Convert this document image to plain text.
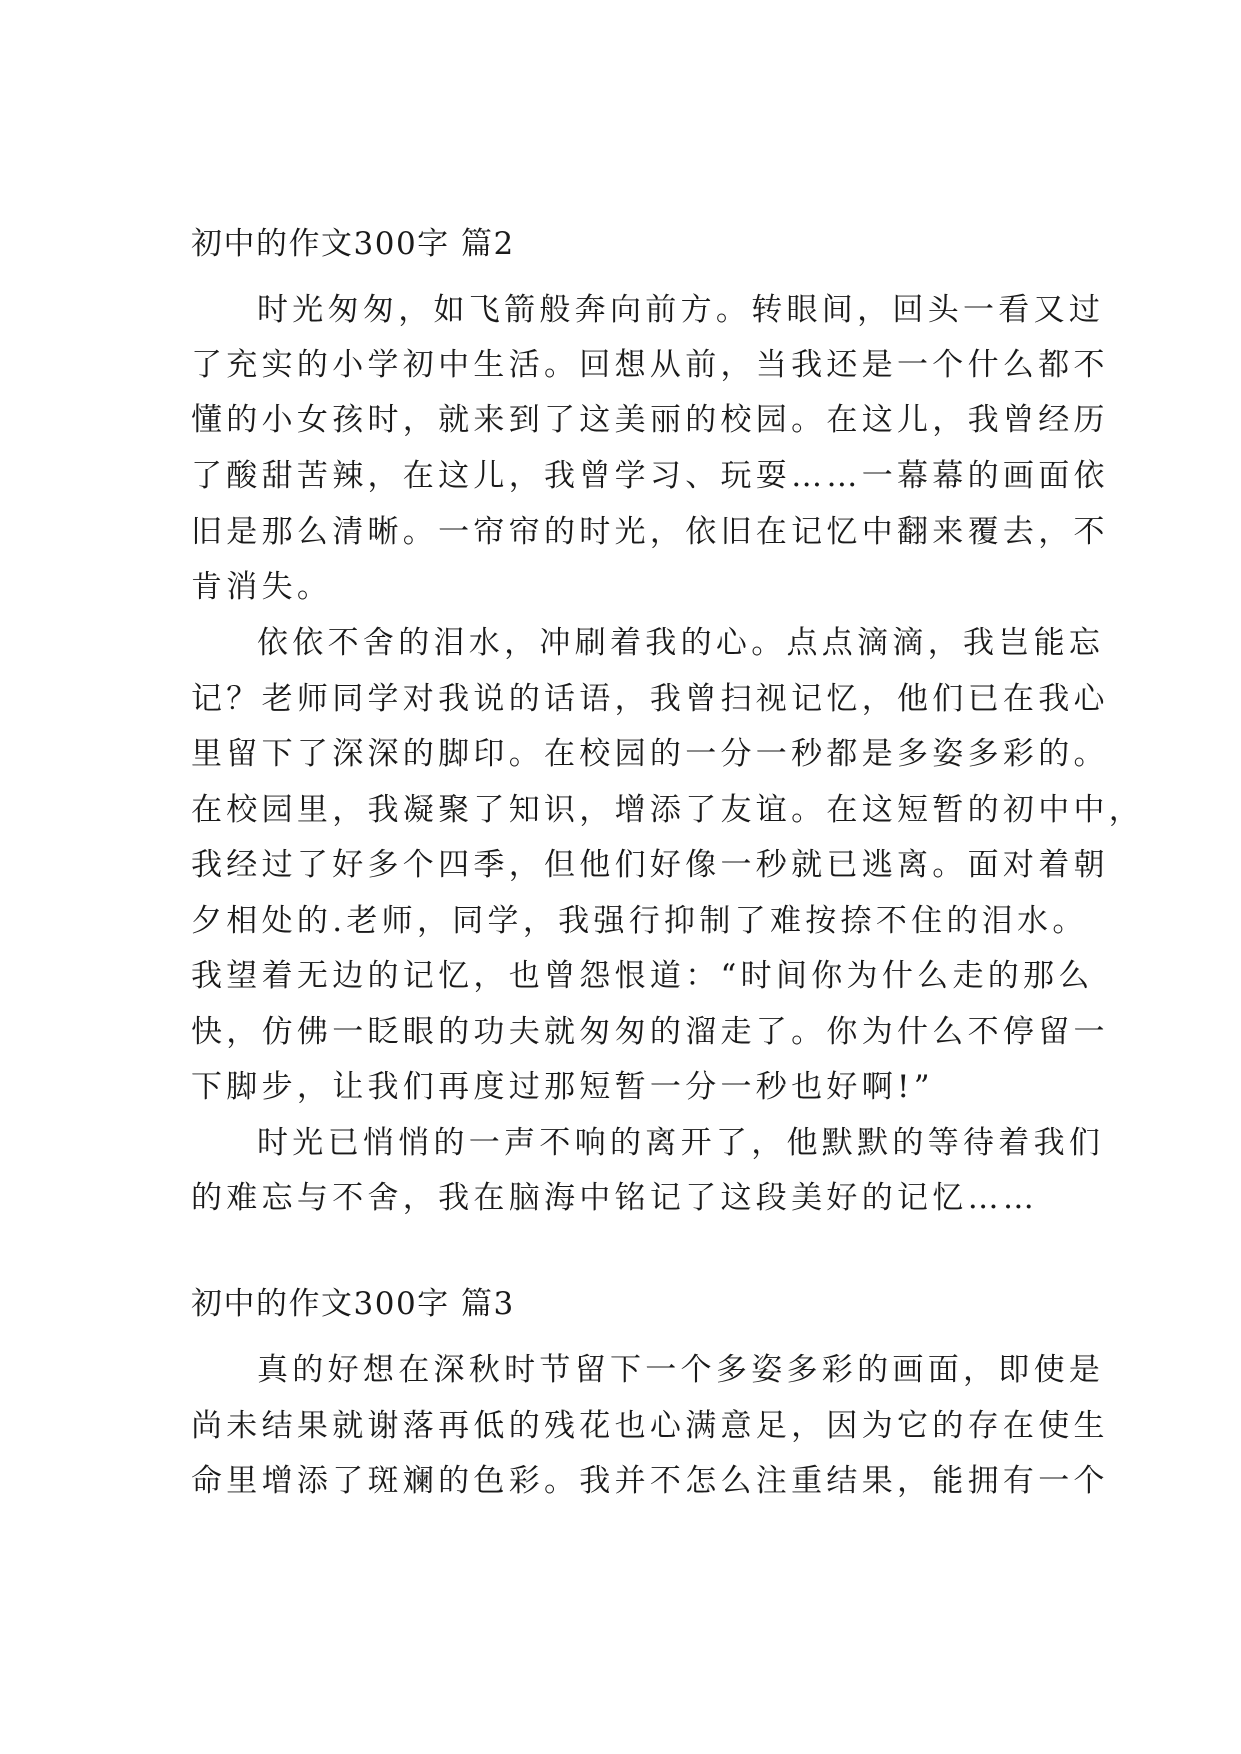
初中的作文300字 篇2
时光匆匆，如飞箭般奔向前方。转眼间，回头一看又过
了充实的小学初中生活。回想从前，当我还是一个什么都不
懂的小女孩时，就来到了这美丽的校园。在这儿，我曾经历
了酸甜苦辣，在这儿，我曾学习、玩耍……一幕幕的画面依
旧是那么清晰。一帘帘的时光，依旧在记忆中翻来覆去，不
肯消失。
依依不舍的泪水，冲刷着我的心。点点滴滴，我岂能忘
记？老师同学对我说的话语，我曾扫视记忆，他们已在我心
里留下了深深的脚印。在校园的一分一秒都是多姿多彩的。
在校园里，我凝聚了知识，增添了友谊。在这短暂的初中中，
我经过了好多个四季，但他们好像一秒就已逃离。面对着朝
夕相处的.老师，同学，我强行抑制了难按捺不住的泪水。
我望着无边的记忆，也曾怨恨道：“时间你为什么走的那么
快，仿佛一眨眼的功夫就匆匆的溜走了。你为什么不停留一
下脚步，让我们再度过那短暂一分一秒也好啊!”
时光已悄悄的一声不响的离开了，他默默的等待着我们
的难忘与不舍，我在脑海中铭记了这段美好的记忆……
初中的作文300字 篇3
真的好想在深秋时节留下一个多姿多彩的画面，即使是
尚未结果就谢落再低的残花也心满意足，因为它的存在使生
命里增添了斑斓的色彩。我并不怎么注重结果，能拥有一个
